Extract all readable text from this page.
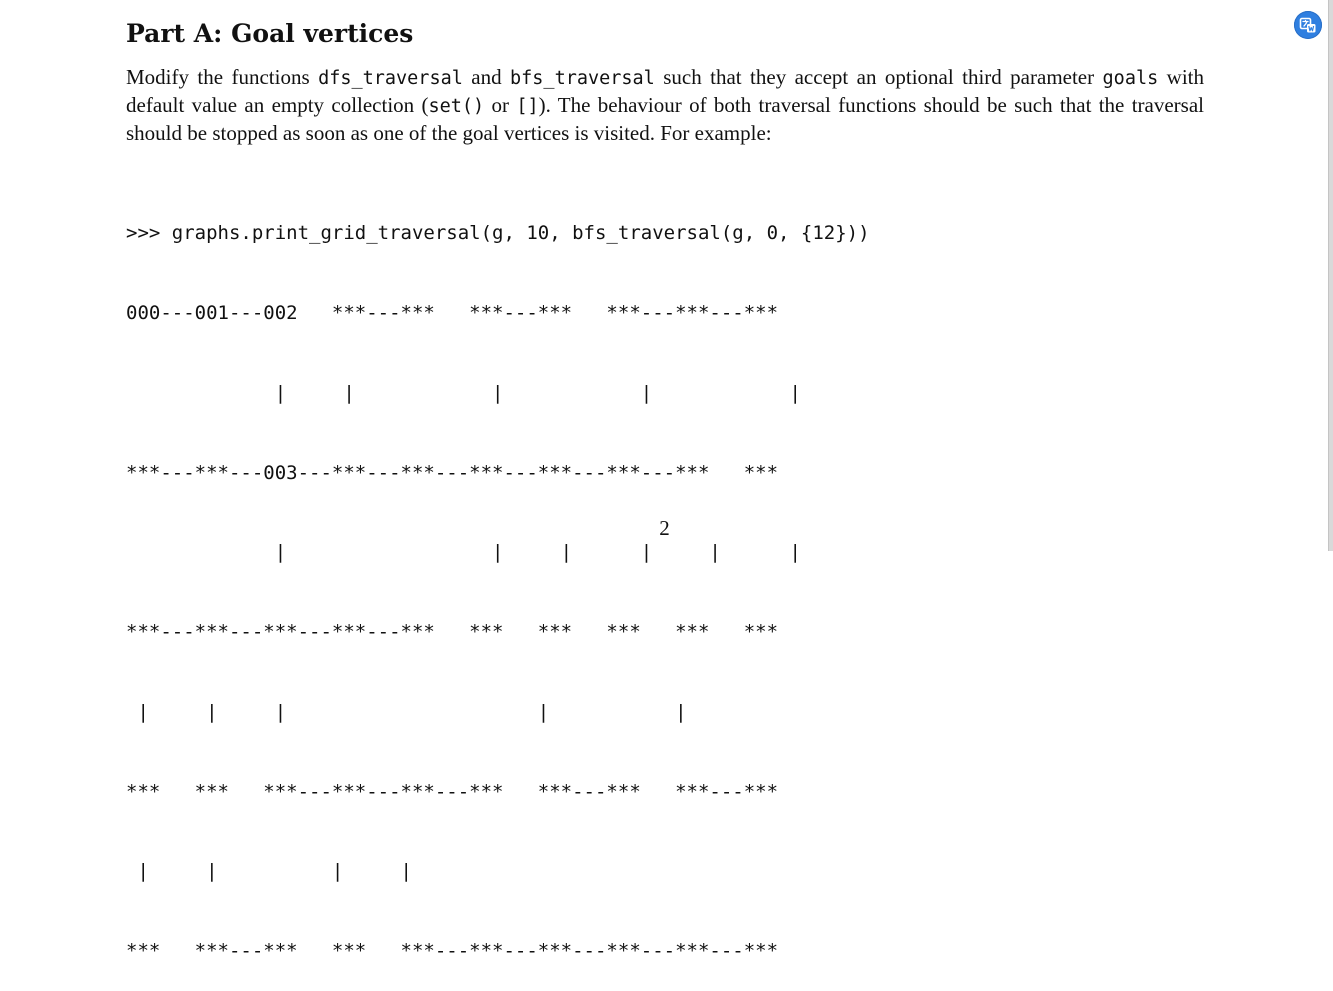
Part A: Goal vertices

Modify the functions dfs_traversal and bfs_traversal such that they accept an optional third parameter goals with default value an empty collection (set() or []). The behaviour of both traversal functions should be such that the traversal should be stopped as soon as one of the goal vertices is visited. For example:

>>> graphs.print_grid_traversal(g, 10, bfs_traversal(g, 0, {12}))

000---001---002   ***---***   ***---***   ***---***---***

|     |            |            |            |

***---***---003---***---***---***---***---***---***   ***

|                  |     |      |     |      |

***---***---***---***---***   ***   ***   ***   ***   ***

|     |     |                      |           |

***   ***   ***---***---***---***   ***---***   ***---***

|     |          |     |

***   ***---***   ***   ***---***---***---***---***---***

2
